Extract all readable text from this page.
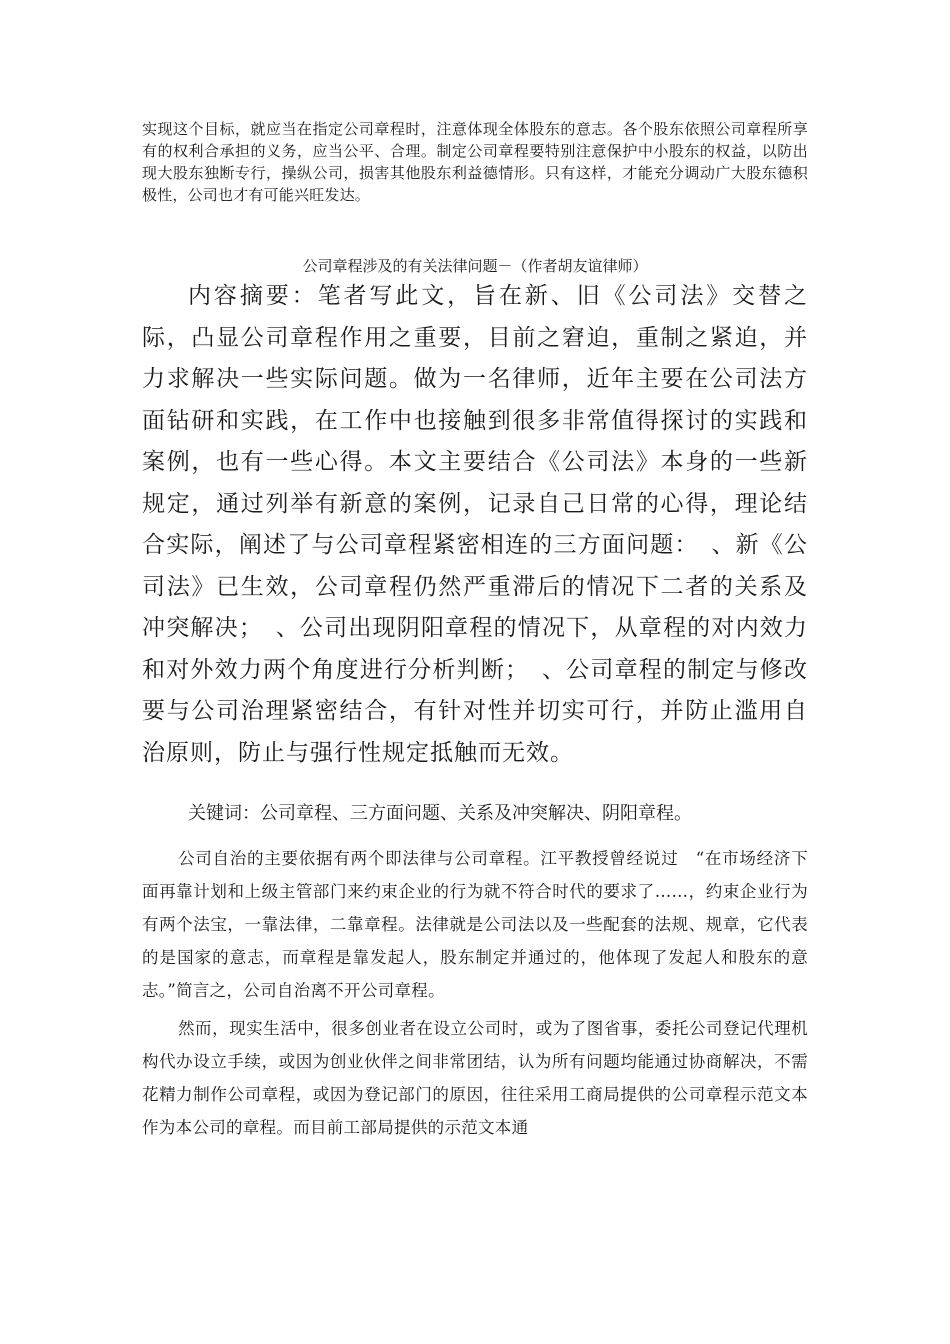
实现这个目标，就应当在指定公司章程时，注意体现全体股东的意志。各个股东依照公司章程所享有的权利合承担的义务，应当公平、合理。制定公司章程要特别注意保护中小股东的权益，以防出现大股东独断专行，操纵公司，损害其他股东利益德情形。只有这样，才能充分调动广大股东德积极性，公司也才有可能兴旺发达。

公司章程涉及的有关法律问题－（作者胡友谊律师）

内容摘要：笔者写此文，旨在新、旧《公司法》交替之际，凸显公司章程作用之重要，目前之窘迫，重制之紧迫，并力求解决一些实际问题。做为一名律师，近年主要在公司法方面钻研和实践，在工作中也接触到很多非常值得探讨的实践和案例，也有一些心得。本文主要结合《公司法》本身的一些新规定，通过列举有新意的案例，记录自己日常的心得，理论结合实际，阐述了与公司章程紧密相连的三方面问题：　、新《公司法》已生效，公司章程仍然严重滞后的情况下二者的关系及冲突解决；　、公司出现阴阳章程的情况下，从章程的对内效力和对外效力两个角度进行分析判断；　、公司章程的制定与修改要与公司治理紧密结合，有针对性并切实可行，并防止滥用自治原则，防止与强行性规定抵触而无效。

关键词：公司章程、三方面问题、关系及冲突解决、阴阳章程。

公司自治的主要依据有两个即法律与公司章程。江平教授曾经说过　“在市场经济下面再靠计划和上级主管部门来约束企业的行为就不符合时代的要求了……，约束企业行为有两个法宝，一靠法律，二靠章程。法律就是公司法以及一些配套的法规、规章，它代表的是国家的意志，而章程是靠发起人，股东制定并通过的，他体现了发起人和股东的意志。”简言之，公司自治离不开公司章程。

然而，现实生活中，很多创业者在设立公司时，或为了图省事，委托公司登记代理机构代办设立手续，或因为创业伙伴之间非常团结，认为所有问题均能通过协商解决，不需花精力制作公司章程，或因为登记部门的原因，往往采用工商局提供的公司章程示范文本作为本公司的章程。而目前工部局提供的示范文本通
